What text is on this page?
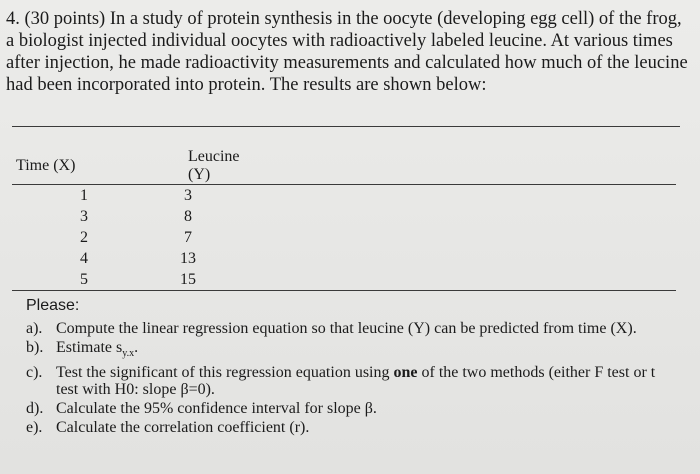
4. (30 points) In a study of protein synthesis in the oocyte (developing egg cell) of the frog, a biologist injected individual oocytes with radioactively labeled leucine. At various times after injection, he made radioactivity measurements and calculated how much of the leucine had been incorporated into protein. The results are shown below:
Time (X)	Leucine (Y)	
1	3	
3	8	
2	7	
4	13	
5	15	
Please:
a). Compute the linear regression equation so that leucine (Y) can be predicted from time (X).
b). Estimate $s_{y.x}$.
c). Test the significant of this regression equation using one of the two methods (either F test or t test with H0: slope β=0).
d). Calculate the 95% confidence interval for slope β.
e). Calculate the correlation coefficient (r).
